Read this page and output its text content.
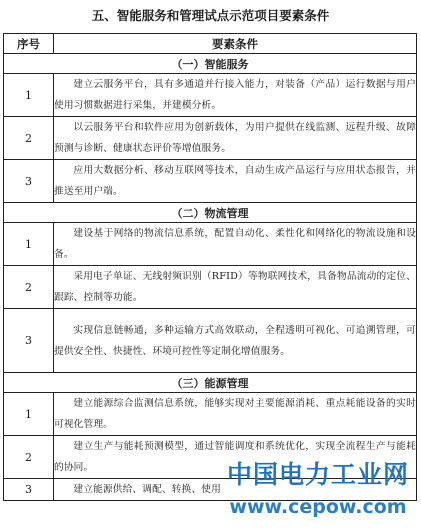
五、智能服务和管理试点示范项目要素条件
序号	要素条件
（一）智能服务	
1	建立云服务平台，具有多通道并行接入能力，对装备（产品）运行数据与用户使用习惯数据进行采集，并建模分析。
2	以云服务平台和软件应用为创新载体，为用户提供在线监测、远程升级、故障预测与诊断、健康状态评价等增值服务。
3	应用大数据分析、移动互联网等技术，自动生成产品运行与应用状态报告，并推送至用户端。
（二）物流管理	
1	建设基于网络的物流信息系统，配置自动化、柔性化和网络化的物流设施和设备。
2	采用电子单证、无线射频识别（RFID）等物联网技术，具备物品流动的定位、跟踪、控制等功能。
3	实现信息链畅通，多种运输方式高效联动，全程透明可视化、可追溯管理，可提供安全性、快捷性、环境可控性等定制化增值服务。
（三）能源管理	
1	建立能源综合监测信息系统，能够实现对主要能源消耗、重点耗能设备的实时可视化管理。
2	建立生产与能耗预测模型，通过智能调度和系统优化，实现全流程生产与能耗的协同。
3	建立能源供给、调配、转换、使用
中国电力工业网
www.cepow.com
